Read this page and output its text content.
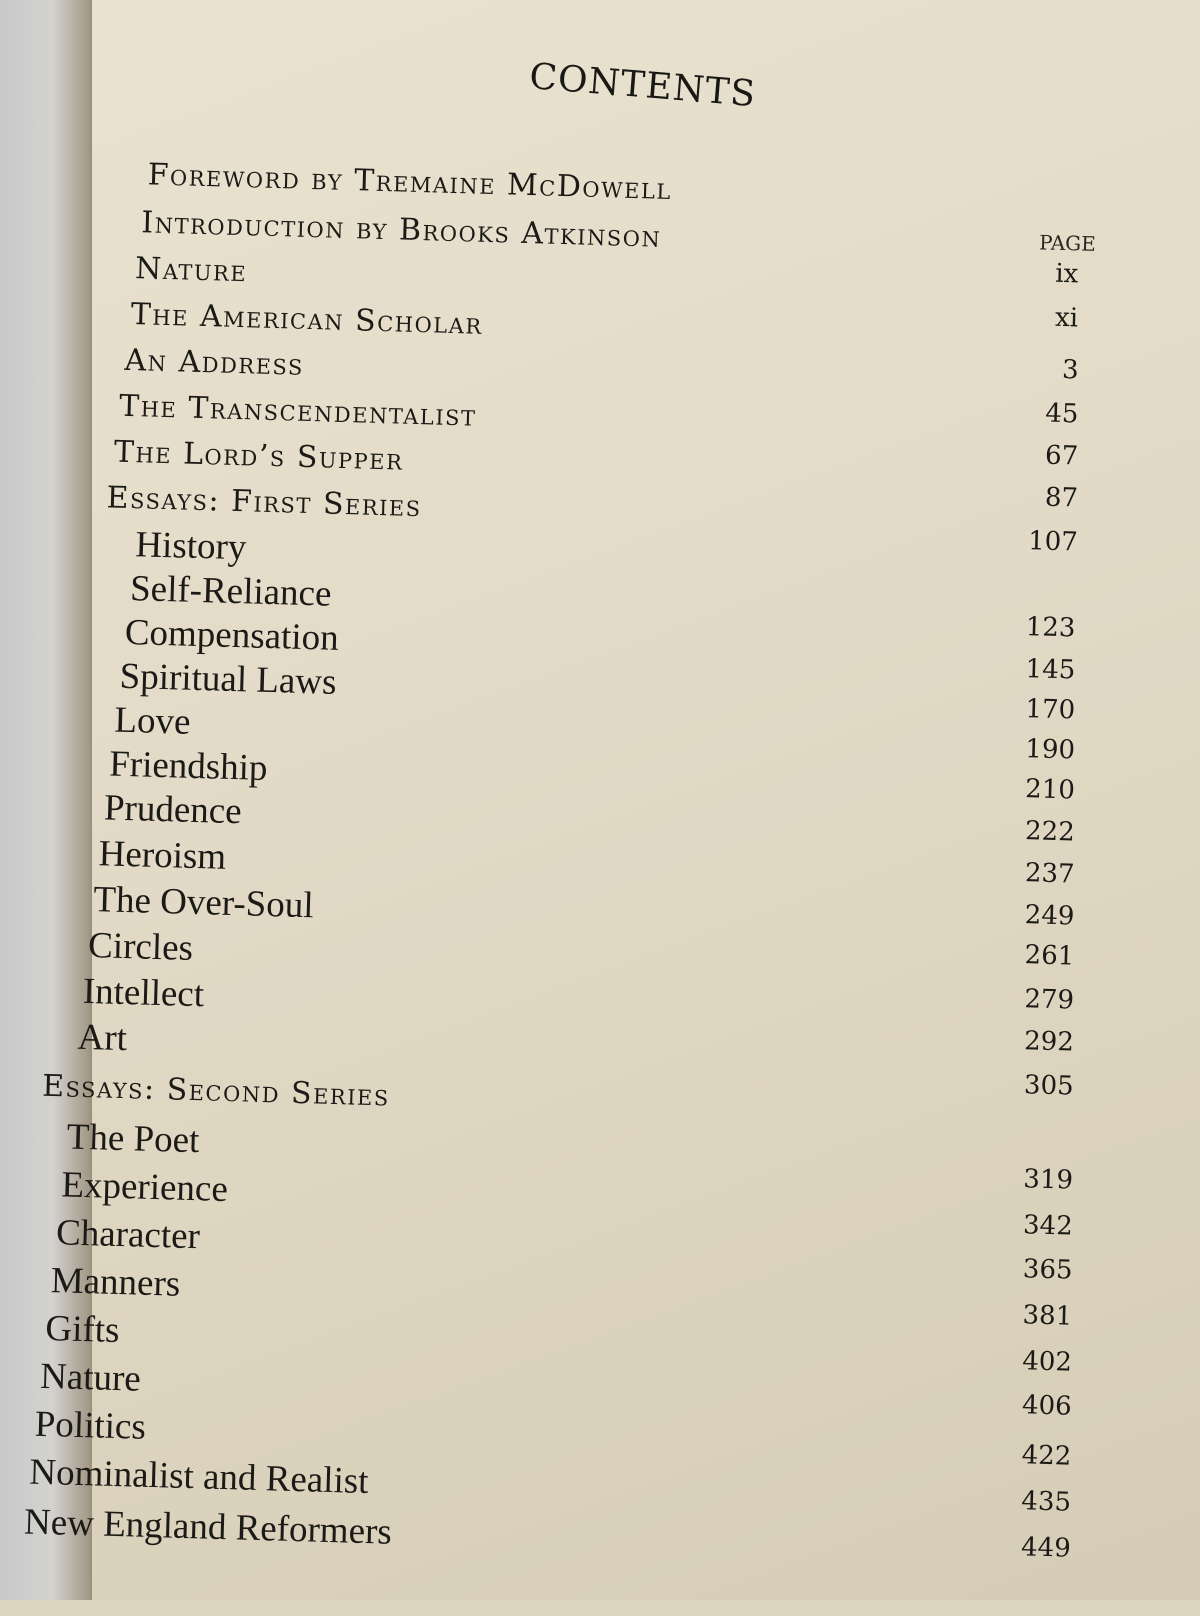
CONTENTS
PAGE
Foreword by Tremaine McDowell
Introduction by Brooks Atkinson
Nature
The American Scholar
An Address
The Transcendentalist
The Lord’s Supper
Essays: First Series
History
Self-Reliance
Compensation
Spiritual Laws
Love
Friendship
Prudence
Heroism
The Over-Soul
Circles
Intellect
Art
Essays: Second Series
The Poet
Experience
Character
Manners
Gifts
Nature
Politics
Nominalist and Realist
New England Reformers
ix
xi
3
45
67
87
107
123
145
170
190
210
222
237
249
261
279
292
305
319
342
365
381
402
406
422
435
449
